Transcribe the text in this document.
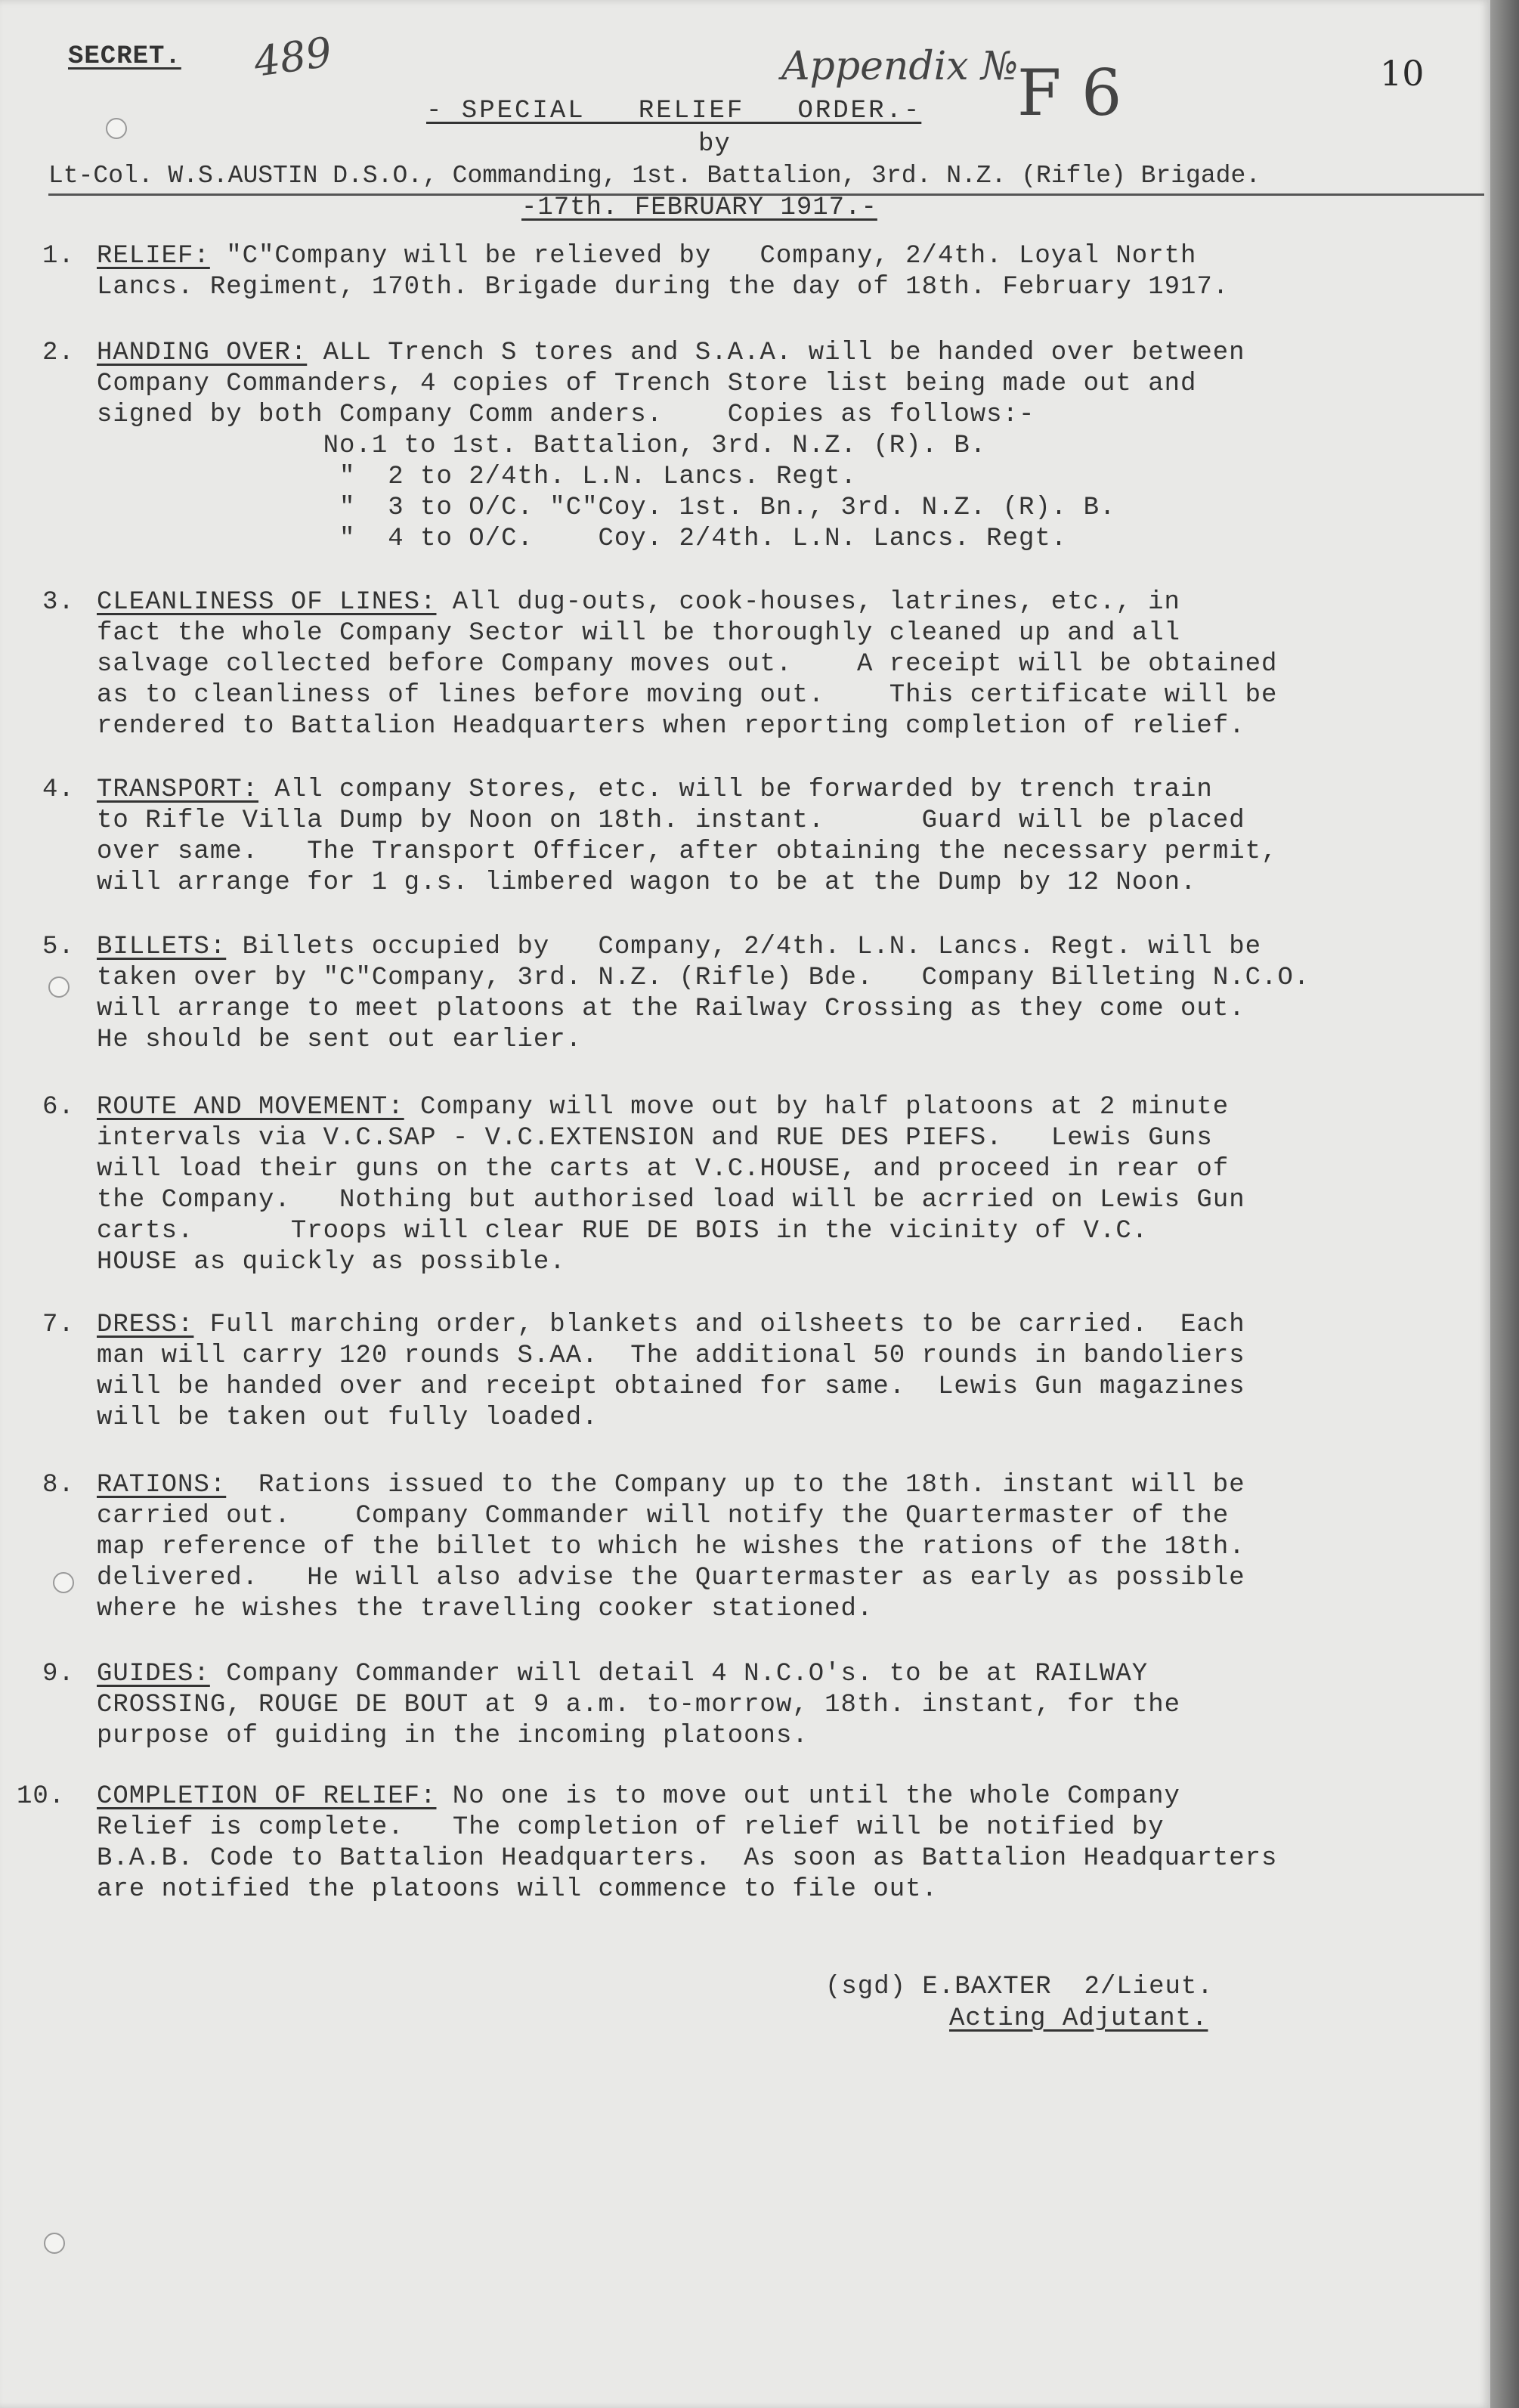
SECRET. 489	Appendix №
F 6	10
- SPECIAL   RELIEF   ORDER.-
by
Lt-Col. W.S.AUSTIN D.S.O., Commanding, 1st. Battalion, 3rd. N.Z. (Rifle) Brigade.
-17th. FEBRUARY 1917.-
1. RELIEF: "C"Company will be relieved by   Company, 2/4th. Loyal North
Lancs. Regiment, 170th. Brigade during the day of 18th. February 1917.
2. HANDING OVER: ALL Trench S tores and S.A.A. will be handed over between
Company Commanders, 4 copies of Trench Store list being made out and
signed by both Company Comm anders.    Copies as follows:-
No.1 to 1st. Battalion, 3rd. N.Z. (R). B.
"  2 to 2/4th. L.N. Lancs. Regt.
"  3 to O/C. "C"Coy. 1st. Bn., 3rd. N.Z. (R). B.
"  4 to O/C.    Coy. 2/4th. L.N. Lancs. Regt.
3. CLEANLINESS OF LINES: All dug-outs, cook-houses, latrines, etc., in
fact the whole Company Sector will be thoroughly cleaned up and all
salvage collected before Company moves out.    A receipt will be obtained
as to cleanliness of lines before moving out.    This certificate will be
rendered to Battalion Headquarters when reporting completion of relief.
4. TRANSPORT: All company Stores, etc. will be forwarded by trench train
to Rifle Villa Dump by Noon on 18th. instant.      Guard will be placed
over same.   The Transport Officer, after obtaining the necessary permit,
will arrange for 1 g.s. limbered wagon to be at the Dump by 12 Noon.
5. BILLETS: Billets occupied by   Company, 2/4th. L.N. Lancs. Regt. will be
taken over by "C"Company, 3rd. N.Z. (Rifle) Bde.   Company Billeting N.C.O.
will arrange to meet platoons at the Railway Crossing as they come out.
He should be sent out earlier.
6. ROUTE AND MOVEMENT: Company will move out by half platoons at 2 minute
intervals via V.C.SAP - V.C.EXTENSION and RUE DES PIEFS.   Lewis Guns
will load their guns on the carts at V.C.HOUSE, and proceed in rear of
the Company.   Nothing but authorised load will be acrried on Lewis Gun
carts.      Troops will clear RUE DE BOIS in the vicinity of V.C.
HOUSE as quickly as possible.
7. DRESS: Full marching order, blankets and oilsheets to be carried.  Each
man will carry 120 rounds S.AA.  The additional 50 rounds in bandoliers
will be handed over and receipt obtained for same.  Lewis Gun magazines
will be taken out fully loaded.
8. RATIONS: Rations issued to the Company up to the 18th. instant will be
carried out.    Company Commander will notify the Quartermaster of the
map reference of the billet to which he wishes the rations of the 18th.
delivered.   He will also advise the Quartermaster as early as possible
where he wishes the travelling cooker stationed.
9. GUIDES: Company Commander will detail 4 N.C.O's. to be at RAILWAY
CROSSING, ROUGE DE BOUT at 9 a.m. to-morrow, 18th. instant, for the
purpose of guiding in the incoming platoons.
10. COMPLETION OF RELIEF: No one is to move out until the whole Company
Relief is complete.   The completion of relief will be notified by
B.A.B. Code to Battalion Headquarters.  As soon as Battalion Headquarters
are notified the platoons will commence to file out.
(sgd) E.BAXTER  2/Lieut.
Acting Adjutant.
